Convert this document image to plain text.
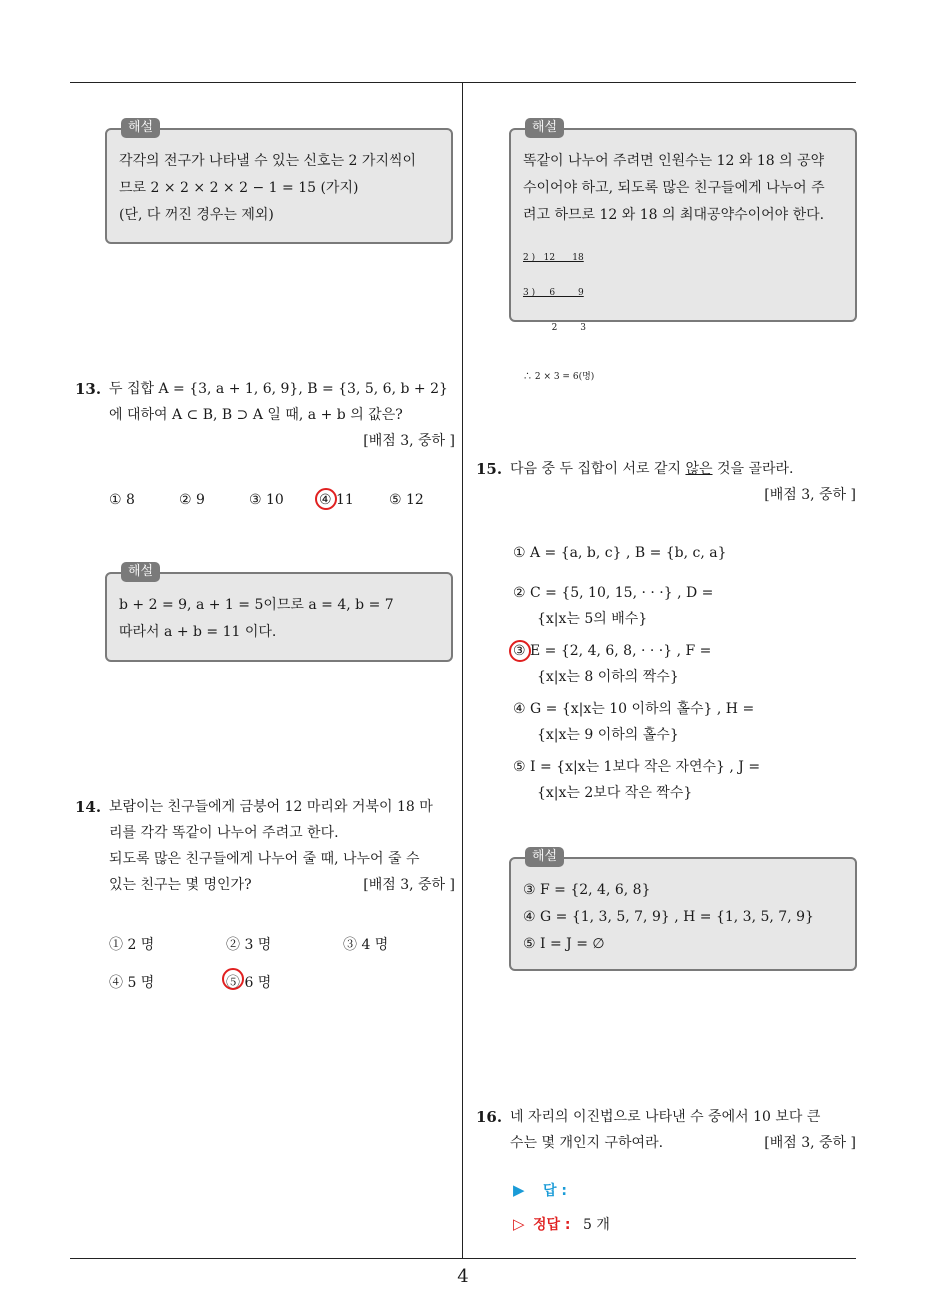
해설
각각의 전구가 나타낼 수 있는 신호는 2 가지씩이
므로 2 × 2 × 2 × 2 − 1 = 15 (가지)
(단, 다 꺼진 경우는 제외)
13. 두 집합 A = {3, a + 1, 6, 9}, B = {3, 5, 6, b + 2}
에 대하여 A ⊂ B, B ⊃ A 일 때, a + b 의 값은?
[배점 3, 중하 ]
① 8	② 9	③ 10	④ 11	⑤ 12
해설
b + 2 = 9, a + 1 = 5이므로 a = 4, b = 7
따라서 a + b = 11 이다.
14. 보람이는 친구들에게 금붕어 12 마리와 거북이 18 마
리를 각각 똑같이 나누어 주려고 한다.
되도록 많은 친구들에게 나누어 줄 때, 나누어 줄 수
있는 친구는 몇 명인가?	[배점 3, 중하 ]
① 2 명	② 3 명	③ 4 명
④ 5 명	⑤ 6 명
해설
똑같이 나누어 주려면 인원수는 12 와 18 의 공약
수이어야 하고, 되도록 많은 친구들에게 나누어 주
려고 하므로 12 와 18 의 최대공약수이어야 한다.

2 )   12      18

3 )     6        9

2        3

∴ 2 × 3 = 6(명)

15. 다음 중 두 집합이 서로 같지 않은 것을 골라라.
[배점 3, 중하 ]
① A = {a, b, c} , B = {b, c, a}
② C = {5, 10, 15, · · ·} , D =
{x|x는 5의 배수}
③ E = {2, 4, 6, 8, · · ·} , F =
{x|x는 8 이하의 짝수}
④ G = {x|x는 10 이하의 홀수} , H =
{x|x는 9 이하의 홀수}
⑤ I = {x|x는 1보다 작은 자연수} , J =
{x|x는 2보다 작은 짝수}
해설
③ F = {2, 4, 6, 8}
④ G = {1, 3, 5, 7, 9} , H = {1, 3, 5, 7, 9}
⑤ I = J = ∅
16. 네 자리의 이진법으로 나타낸 수 중에서 10 보다 큰
수는 몇 개인지 구하여라.	[배점 3, 중하 ]
▶ 답 :
▷ 정답 : 5 개
4
